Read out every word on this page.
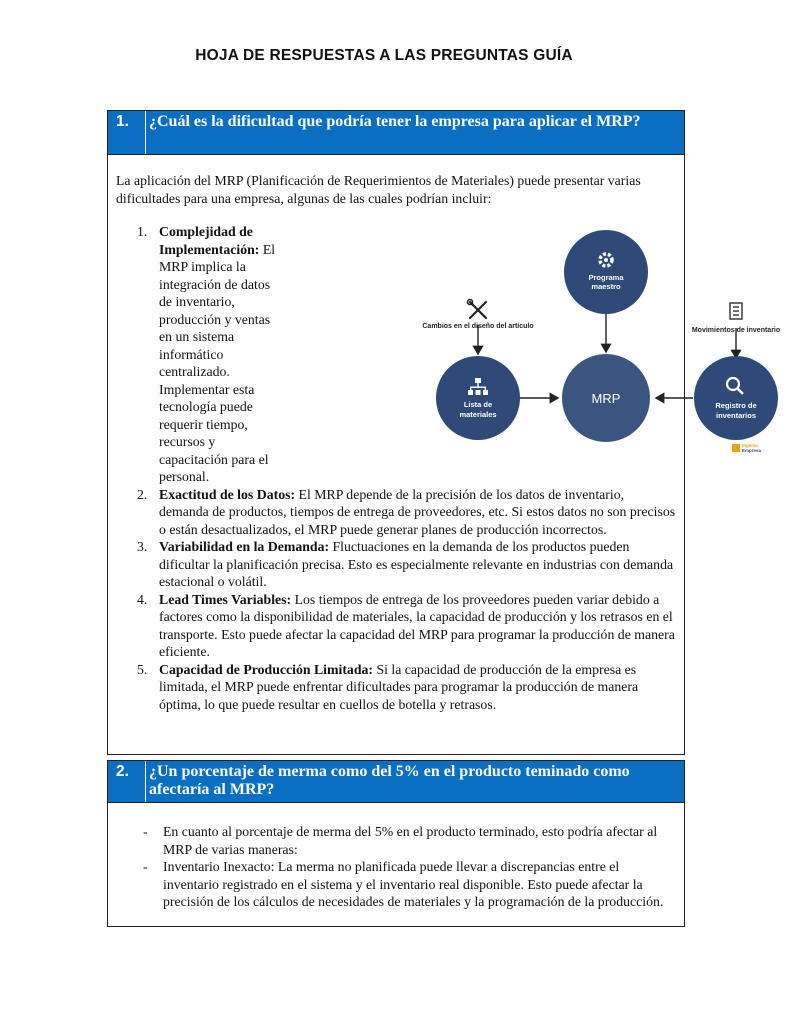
HOJA DE RESPUESTAS A LAS PREGUNTAS GUÍA
1.	¿Cuál es la dificultad que podría tener la empresa para aplicar el MRP?
La aplicación del MRP (Planificación de Requerimientos de Materiales) puede presentar varias dificultades para una empresa, algunas de las cuales podrían incluir:
1. Complejidad de Implementación: El MRP implica la integración de datos de inventario, producción y ventas en un sistema informático centralizado. Implementar esta tecnología puede requerir tiempo, recursos y capacitación para el personal.
2. Exactitud de los Datos: El MRP depende de la precisión de los datos de inventario, demanda de productos, tiempos de entrega de proveedores, etc. Si estos datos no son precisos o están desactualizados, el MRP puede generar planes de producción incorrectos.
3. Variabilidad en la Demanda: Fluctuaciones en la demanda de los productos pueden dificultar la planificación precisa. Esto es especialmente relevante en industrias con demanda estacional o volátil.
4. Lead Times Variables: Los tiempos de entrega de los proveedores pueden variar debido a factores como la disponibilidad de materiales, la capacidad de producción y los retrasos en el transporte. Esto puede afectar la capacidad del MRP para programar la producción de manera eficiente.
5. Capacidad de Producción Limitada: Si la capacidad de producción de la empresa es limitada, el MRP puede enfrentar dificultades para programar la producción de manera óptima, lo que puede resultar en cuellos de botella y retrasos.
Programa
maestro
MRP
Lista de
materiales
Registro de
inventarios
Cambios en el diseño del artículo
Movimientos de inventario
Ingenio
Empresa
2.	¿Un porcentaje de merma como del 5% en el producto teminado como afectaría al MRP?
- En cuanto al porcentaje de merma del 5% en el producto terminado, esto podría afectar al MRP de varias maneras:
- Inventario Inexacto: La merma no planificada puede llevar a discrepancias entre el inventario registrado en el sistema y el inventario real disponible. Esto puede afectar la precisión de los cálculos de necesidades de materiales y la programación de la producción.
